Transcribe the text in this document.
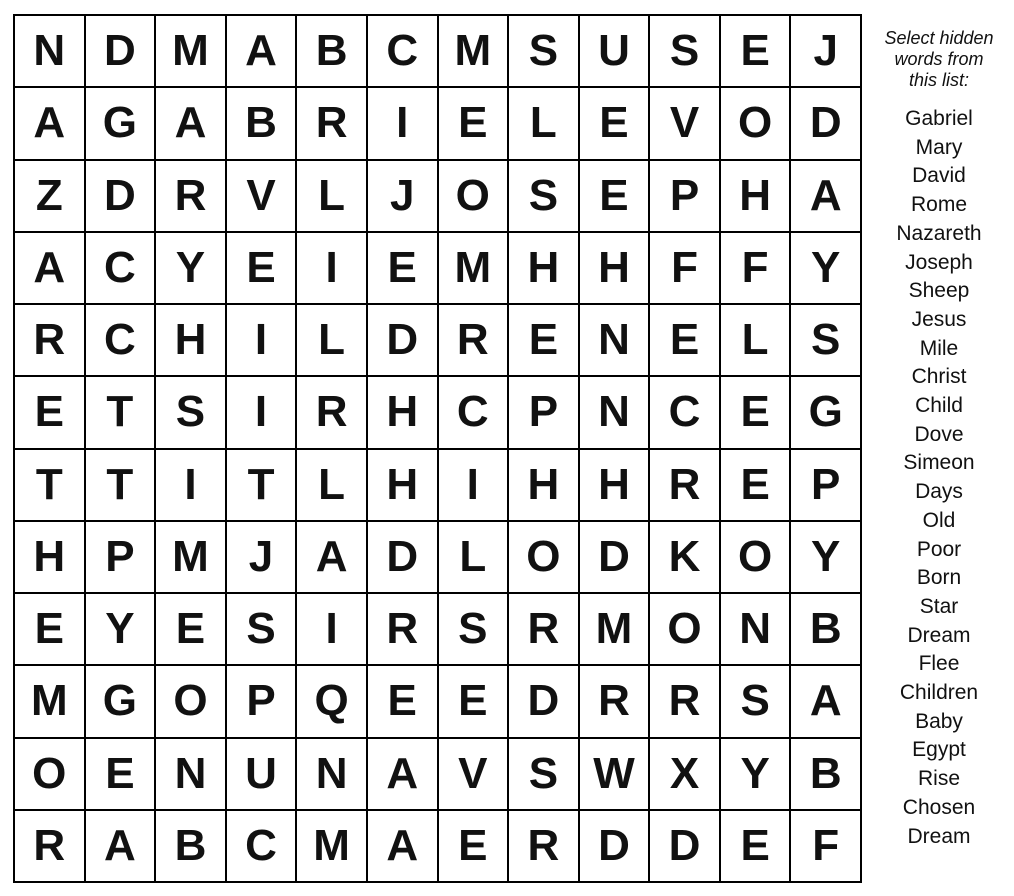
N D M A B C M S U S E J
A G A B R	I	E L E V O D
Z D R V L	J O S E P H A
A C Y E	I	E M H H F F Y
R C H	I	L D R E N E L S
E T S	I	R H C P N C E G
T T	I	T L H	I	H H R E P
H P M J A D L O D K O Y
E Y E S	I	R S R M O N B
M G O P Q E E D R R S A
O E N U N A V S W X Y B
R A B C M A E R D D E F
Select hidden
words from
this list:
Gabriel
Mary
David
Rome
Nazareth
Joseph
Sheep
Jesus
Mile
Christ
Child
Dove
Simeon
Days
Old
Poor
Born
Star
Dream
Flee
Children
Baby
Egypt
Rise
Chosen
Dream
